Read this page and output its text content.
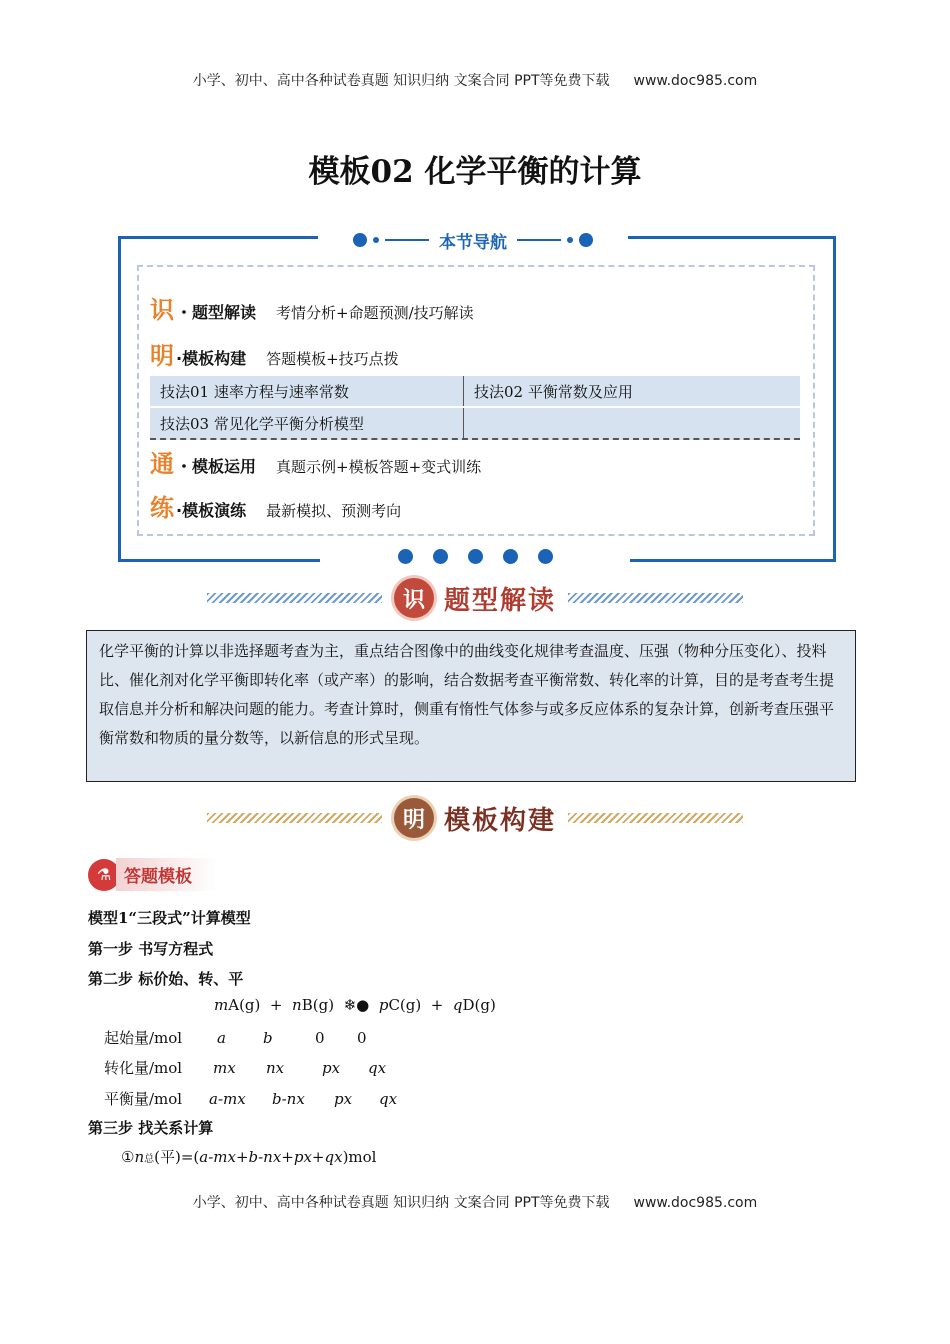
小学、初中、高中各种试卷真题 知识归纳 文案合同 PPT等免费下载 www.doc985.com
模板02 化学平衡的计算
本节导航
识 ・ 题型解读 考情分析+命题预测/技巧解读
明 · 模板构建 答题模板+技巧点拨
技法01 速率方程与速率常数	技法02 平衡常数及应用
技法03 常见化学平衡分析模型
通 ・ 模板运用 真题示例+模板答题+变式训练
练 · 模板演练 最新模拟、预测考向
识 题型解读
化学平衡的计算以非选择题考查为主，重点结合图像中的曲线变化规律考查温度、压强（物种分压变化）、投料比、催化剂对化学平衡即转化率（或产率）的影响，结合数据考查平衡常数、转化率的计算，目的是考查考生提取信息并分析和解决问题的能力。考查计算时，侧重有惰性气体参与或多反应体系的复杂计算，创新考查压强平衡常数和物质的量分数等，以新信息的形式呈现。
明 模板构建
⚗ 答题模板
模型1“三段式”计算模型
第一步 书写方程式
第二步 标价始、转、平
mA(g) + nB(g) ❄● pC(g) + qD(g)
起始量/mol a b	0 0
转化量/mol mx nx	px qx
平衡量/mol a-mx b-nx px qx
第三步 找关系计算
①n总(平)=(a-mx+b-nx+px+qx)mol
小学、初中、高中各种试卷真题 知识归纳 文案合同 PPT等免费下载 www.doc985.com
